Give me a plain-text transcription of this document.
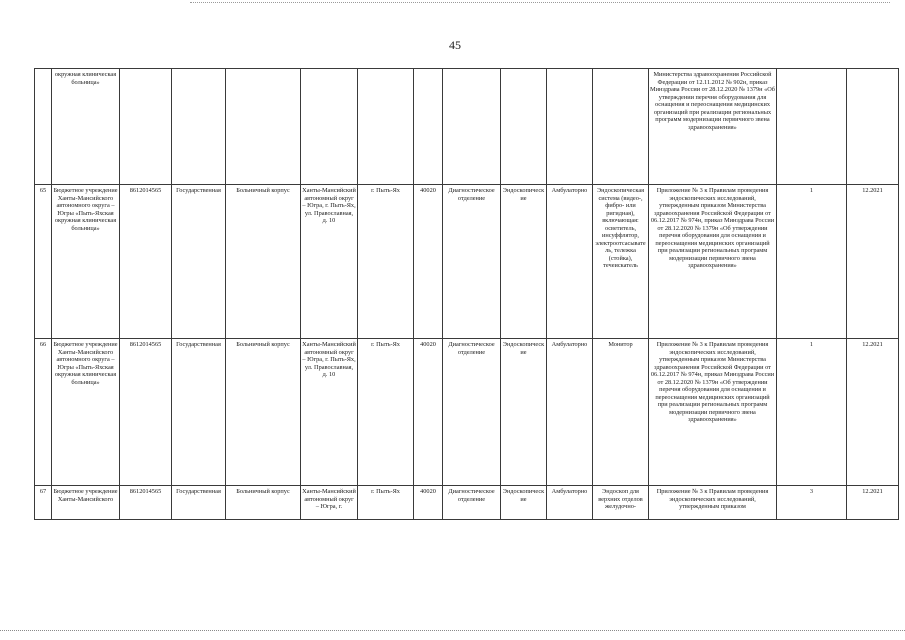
45
	окружная клиническая больница»											Министерства здравоохранения Российской Федерации от 12.11.2012 № 902н, приказ Минздрава России от 28.12.2020 № 1379н «Об утверждении перечня оборудования для оснащения и переоснащения медицинских организаций при реализации региональных программ модернизации первичного звена здравоохранения»		
65	Бюджетное учреждение Ханты-Мансийского автономного округа – Югры «Пыть-Яхская окружная клиническая больница»	8612014565	Государственная	Больничный корпус	Ханты-Мансийский автономный округ – Югра, г. Пыть-Ях, ул. Православная, д. 10	г. Пыть-Ях	40020	Диагностическое отделение	Эндоскопические	Амбулаторно	Эндоскопическая система (видео-, фибро- или ригидная), включающая: осветитель, инсуффлятор, электроотсасыватель, тележка (стойка), течеискатель	Приложение № 3 к Правилам проведения эндоскопических исследований, утвержденным приказом Министерства здравоохранения Российской Федерации от 06.12.2017 № 974н, приказ Минздрава России от 28.12.2020 № 1379н «Об утверждении перечня оборудования для оснащения и переоснащения медицинских организаций при реализации региональных программ модернизации первичного звена здравоохранения»	1	12.2021
66	Бюджетное учреждение Ханты-Мансийского автономного округа – Югры «Пыть-Яхская окружная клиническая больница»	8612014565	Государственная	Больничный корпус	Ханты-Мансийский автономный округ – Югра, г. Пыть-Ях, ул. Православная, д. 10	г. Пыть-Ях	40020	Диагностическое отделение	Эндоскопические	Амбулаторно	Монитор	Приложение № 3 к Правилам проведения эндоскопических исследований, утвержденным приказом Министерства здравоохранения Российской Федерации от 06.12.2017 № 974н, приказ Минздрава России от 28.12.2020 № 1379н «Об утверждении перечня оборудования для оснащения и переоснащения медицинских организаций при реализации региональных программ модернизации первичного звена здравоохранения»	1	12.2021
67	Бюджетное учреждение Ханты-Мансийского	8612014565	Государственная	Больничный корпус	Ханты-Мансийский автономный округ – Югра, г.	г. Пыть-Ях	40020	Диагностическое отделение	Эндоскопические	Амбулаторно	Эндоскоп для верхних отделов желудочно-	Приложение № 3 к Правилам проведения эндоскопических исследований, утвержденным приказом	3	12.2021
